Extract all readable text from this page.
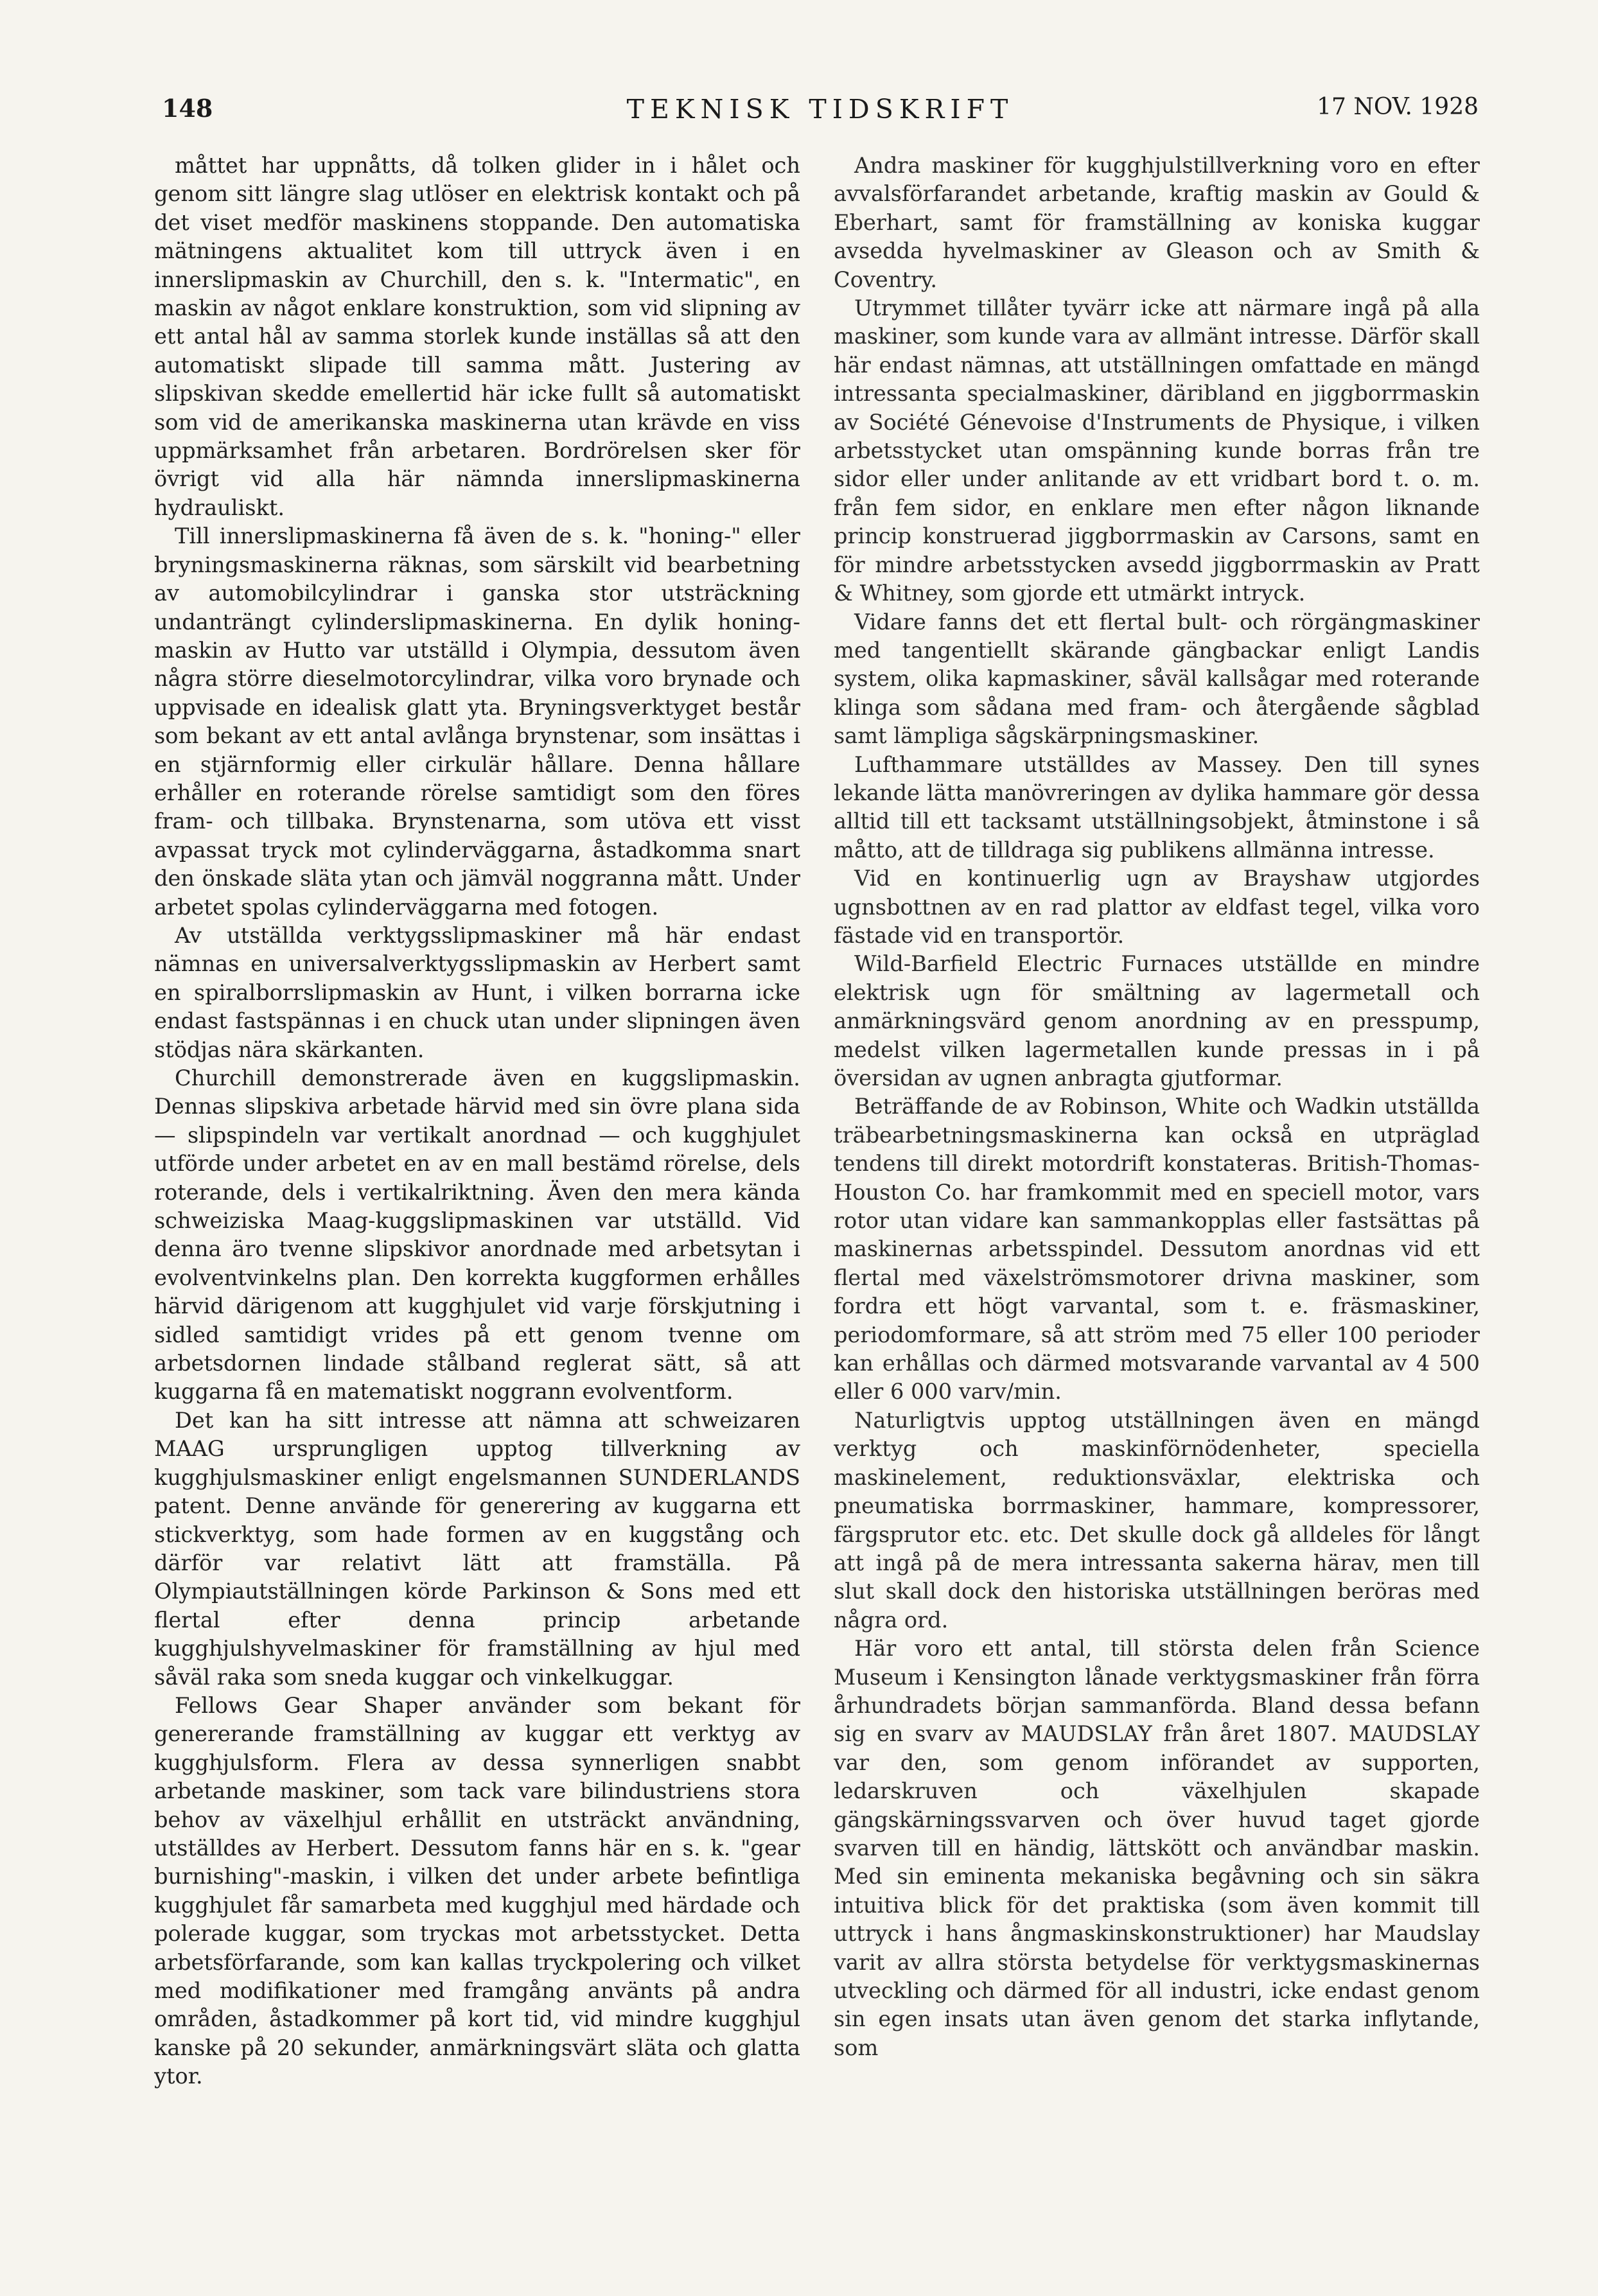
148	TEKNISK TIDSKRIFT	17 NOV. 1928

måttet har uppnåtts, då tolken glider in i hålet och genom sitt längre slag utlöser en elektrisk kontakt och på det viset medför maskinens stoppande. Den automatiska mätningens aktualitet kom till uttryck även i en innerslipmaskin av Churchill, den s. k. "Intermatic", en maskin av något enklare konstruktion, som vid slipning av ett antal hål av samma storlek kunde inställas så att den automatiskt slipade till samma mått. Justering av slipskivan skedde emellertid här icke fullt så automatiskt som vid de amerikanska maskinerna utan krävde en viss uppmärksamhet från arbetaren. Bordrörelsen sker för övrigt vid alla här nämnda innerslipmaskinerna hydrauliskt.

Till innerslipmaskinerna få även de s. k. "honing-" eller bryningsmaskinerna räknas, som särskilt vid bearbetning av automobilcylindrar i ganska stor utsträckning undanträngt cylinderslipmaskinerna. En dylik honing-maskin av Hutto var utställd i Olympia, dessutom även några större dieselmotorcylindrar, vilka voro brynade och uppvisade en idealisk glatt yta. Bryningsverktyget består som bekant av ett antal avlånga brynstenar, som insättas i en stjärnformig eller cirkulär hållare. Denna hållare erhåller en roterande rörelse samtidigt som den föres fram- och tillbaka. Brynstenarna, som utöva ett visst avpassat tryck mot cylinderväggarna, åstadkomma snart den önskade släta ytan och jämväl noggranna mått. Under arbetet spolas cylinderväggarna med fotogen.

Av utställda verktygsslipmaskiner må här endast nämnas en universalverktygsslipmaskin av Herbert samt en spiralborrslipmaskin av Hunt, i vilken borrarna icke endast fastspännas i en chuck utan under slipningen även stödjas nära skärkanten.

Churchill demonstrerade även en kuggslipmaskin. Dennas slipskiva arbetade härvid med sin övre plana sida — slipspindeln var vertikalt anordnad — och kugghjulet utförde under arbetet en av en mall bestämd rörelse, dels roterande, dels i vertikalriktning. Även den mera kända schweiziska Maag-kuggslipmaskinen var utställd. Vid denna äro tvenne slipskivor anordnade med arbetsytan i evolventvinkelns plan. Den korrekta kuggformen erhålles härvid därigenom att kugghjulet vid varje förskjutning i sidled samtidigt vrides på ett genom tvenne om arbetsdornen lindade stålband reglerat sätt, så att kuggarna få en matematiskt noggrann evolventform.

Det kan ha sitt intresse att nämna att schweizaren MAAG ursprungligen upptog tillverkning av kugghjulsmaskiner enligt engelsmannen SUNDERLANDS patent. Denne använde för generering av kuggarna ett stickverktyg, som hade formen av en kuggstång och därför var relativt lätt att framställa. På Olympiautställningen körde Parkinson & Sons med ett flertal efter denna princip arbetande kugghjulshyvelmaskiner för framställning av hjul med såväl raka som sneda kuggar och vinkelkuggar.

Fellows Gear Shaper använder som bekant för genererande framställning av kuggar ett verktyg av kugghjulsform. Flera av dessa synnerligen snabbt arbetande maskiner, som tack vare bilindustriens stora behov av växelhjul erhållit en utsträckt användning, utställdes av Herbert. Dessutom fanns här en s. k. "gear burnishing"-maskin, i vilken det under arbete befintliga kugghjulet får samarbeta med kugghjul med härdade och polerade kuggar, som tryckas mot arbetsstycket. Detta arbetsförfarande, som kan kallas tryckpolering och vilket med modifikationer med framgång använts på andra områden, åstadkommer på kort tid, vid mindre kugghjul kanske på 20 sekunder, anmärkningsvärt släta och glatta ytor.

Andra maskiner för kugghjulstillverkning voro en efter avvalsförfarandet arbetande, kraftig maskin av Gould & Eberhart, samt för framställning av koniska kuggar avsedda hyvelmaskiner av Gleason och av Smith & Coventry.

Utrymmet tillåter tyvärr icke att närmare ingå på alla maskiner, som kunde vara av allmänt intresse. Därför skall här endast nämnas, att utställningen omfattade en mängd intressanta specialmaskiner, däribland en jiggborrmaskin av Société Génevoise d'Instruments de Physique, i vilken arbetsstycket utan omspänning kunde borras från tre sidor eller under anlitande av ett vridbart bord t. o. m. från fem sidor, en enklare men efter någon liknande princip konstruerad jiggborrmaskin av Carsons, samt en för mindre arbetsstycken avsedd jiggborrmaskin av Pratt & Whitney, som gjorde ett utmärkt intryck.

Vidare fanns det ett flertal bult- och rörgängmaskiner med tangentiellt skärande gängbackar enligt Landis system, olika kapmaskiner, såväl kallsågar med roterande klinga som sådana med fram- och återgående sågblad samt lämpliga sågskärpningsmaskiner.

Lufthammare utställdes av Massey. Den till synes lekande lätta manövreringen av dylika hammare gör dessa alltid till ett tacksamt utställningsobjekt, åtminstone i så måtto, att de tilldraga sig publikens allmänna intresse.

Vid en kontinuerlig ugn av Brayshaw utgjordes ugnsbottnen av en rad plattor av eldfast tegel, vilka voro fästade vid en transportör.

Wild-Barfield Electric Furnaces utställde en mindre elektrisk ugn för smältning av lagermetall och anmärkningsvärd genom anordning av en presspump, medelst vilken lagermetallen kunde pressas in i på översidan av ugnen anbragta gjutformar.

Beträffande de av Robinson, White och Wadkin utställda träbearbetningsmaskinerna kan också en utpräglad tendens till direkt motordrift konstateras. British-Thomas-Houston Co. har framkommit med en speciell motor, vars rotor utan vidare kan sammankopplas eller fastsättas på maskinernas arbetsspindel. Dessutom anordnas vid ett flertal med växelströmsmotorer drivna maskiner, som fordra ett högt varvantal, som t. e. fräsmaskiner, periodomformare, så att ström med 75 eller 100 perioder kan erhållas och därmed motsvarande varvantal av 4 500 eller 6 000 varv/min.

Naturligtvis upptog utställningen även en mängd verktyg och maskinförnödenheter, speciella maskinelement, reduktionsväxlar, elektriska och pneumatiska borrmaskiner, hammare, kompressorer, färgsprutor etc. etc. Det skulle dock gå alldeles för långt att ingå på de mera intressanta sakerna härav, men till slut skall dock den historiska utställningen beröras med några ord.

Här voro ett antal, till största delen från Science Museum i Kensington lånade verktygsmaskiner från förra århundradets början sammanförda. Bland dessa befann sig en svarv av MAUDSLAY från året 1807. MAUDSLAY var den, som genom införandet av supporten, ledarskruven och växelhjulen skapade gängskärningssvarven och över huvud taget gjorde svarven till en händig, lättskött och användbar maskin. Med sin eminenta mekaniska begåvning och sin säkra intuitiva blick för det praktiska (som även kommit till uttryck i hans ångmaskinskonstruktioner) har Maudslay varit av allra största betydelse för verktygsmaskinernas utveckling och därmed för all industri, icke endast genom sin egen insats utan även genom det starka inflytande, som
